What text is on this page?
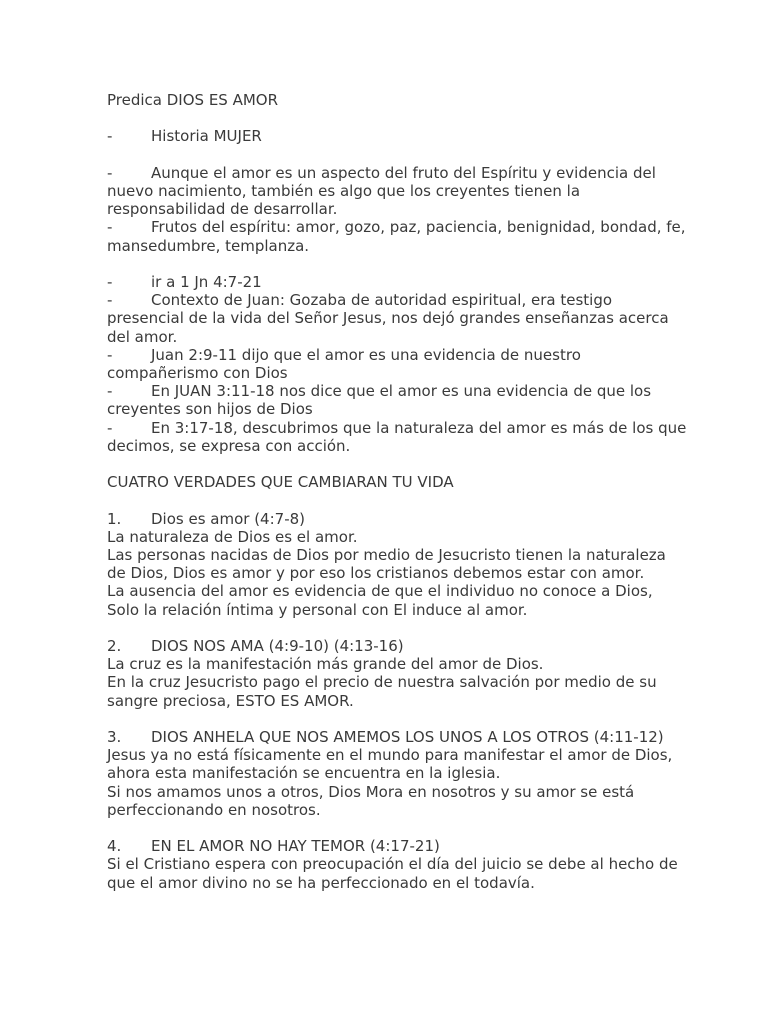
Predica DIOS ES AMOR

-	Historia MUJER

-	Aunque el amor es un aspecto del fruto del Espíritu y evidencia del nuevo nacimiento, también es algo que los creyentes tienen la responsabilidad de desarrollar.

-	Frutos del espíritu: amor, gozo, paz, paciencia, benignidad, bondad, fe, mansedumbre, templanza.

-	ir a 1 Jn 4:7-21

-	Contexto de Juan: Gozaba de autoridad espiritual, era testigo presencial de la vida del Señor Jesus, nos dejó grandes enseñanzas acerca del amor.

-	Juan 2:9-11 dijo que el amor es una evidencia de nuestro compañerismo con Dios

-	En JUAN 3:11-18 nos dice que el amor es una evidencia de que los creyentes son hijos de Dios

-	En 3:17-18, descubrimos que la naturaleza del amor es más de los que decimos, se expresa con acción.

CUATRO VERDADES QUE CAMBIARAN TU VIDA

1. Dios es amor (4:7-8)

La naturaleza de Dios es el amor.

Las personas nacidas de Dios por medio de Jesucristo tienen la naturaleza de Dios, Dios es amor y por eso los cristianos debemos estar con amor.

La ausencia del amor es evidencia de que el individuo no conoce a Dios,

Solo la relación íntima y personal con El induce al amor.

2. DIOS NOS AMA (4:9-10) (4:13-16)

La cruz es la manifestación más grande del amor de Dios.

En la cruz Jesucristo pago el precio de nuestra salvación por medio de su sangre preciosa, ESTO ES AMOR.

3. DIOS ANHELA QUE NOS AMEMOS LOS UNOS A LOS OTROS (4:11-12)

Jesus ya no está físicamente en el mundo para manifestar el amor de Dios, ahora esta manifestación se encuentra en la iglesia.

Si nos amamos unos a otros, Dios Mora en nosotros y su amor se está perfeccionando en nosotros.

4. EN EL AMOR NO HAY TEMOR (4:17-21)

Si el Cristiano espera con preocupación el día del juicio se debe al hecho de que el amor divino no se ha perfeccionado en el todavía.
